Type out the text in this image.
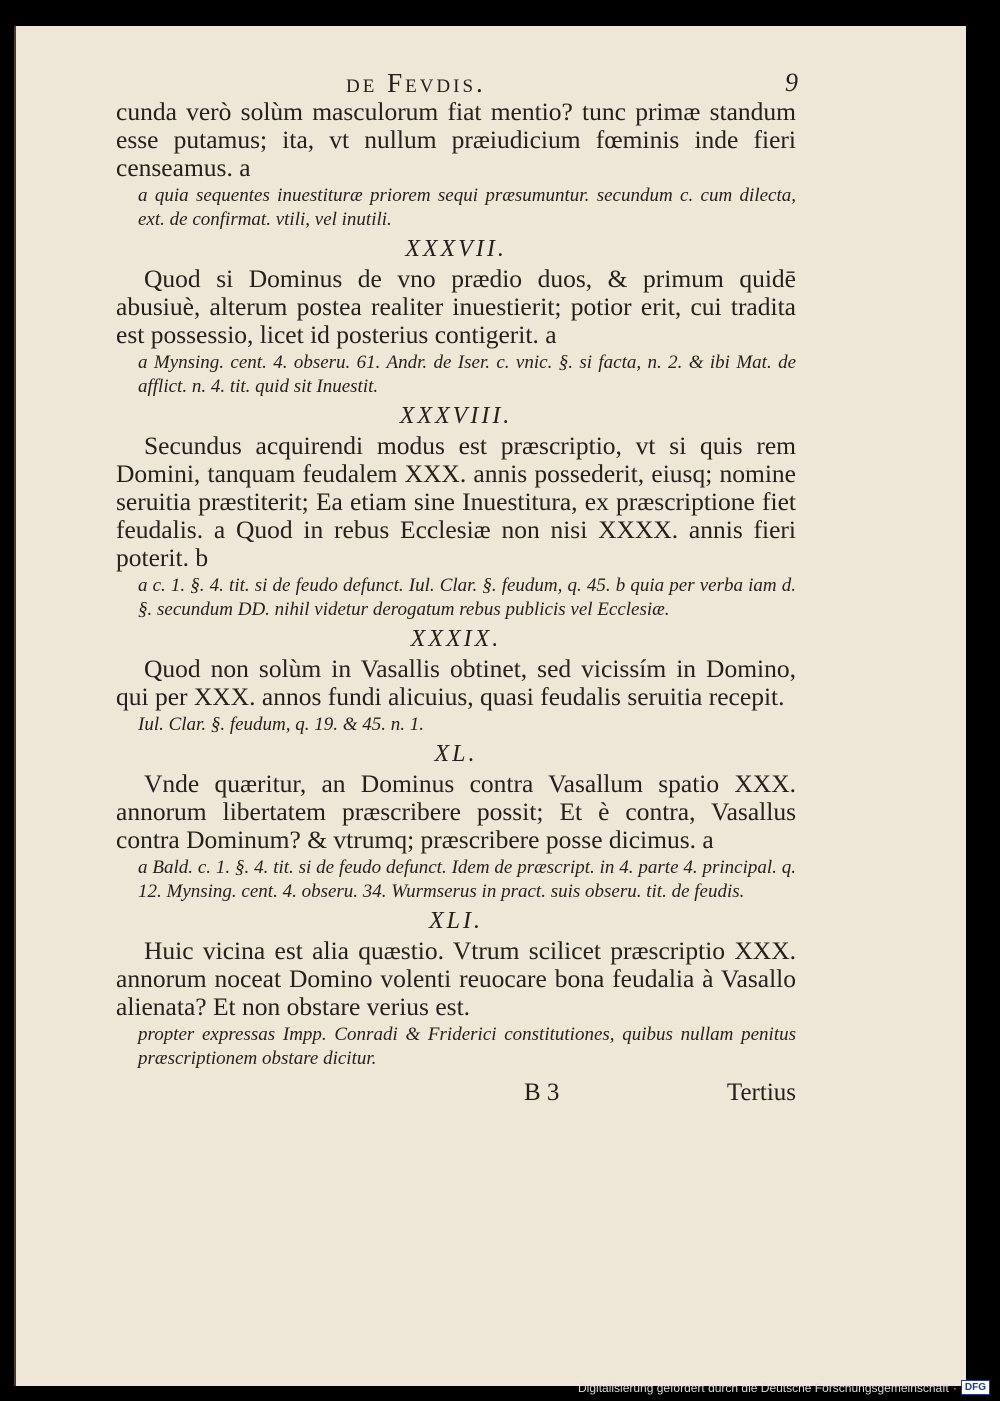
de Fevdis.	9

cunda verò solùm masculorum fiat mentio? tunc primæ standum esse putamus; ita, vt nullum præiudicium fœminis inde fieri censeamus. a

a quia sequentes inuestituræ priorem sequi præsumuntur. secundum c. cum dilecta, ext. de confirmat. vtili, vel inutili.

XXXVII.

Quod si Dominus de vno prædio duos, & primum quidē abusiuè, alterum postea realiter inuestierit; potior erit, cui tradita est possessio, licet id posterius contigerit. a

a Mynsing. cent. 4. obseru. 61. Andr. de Iser. c. vnic. §. si facta, n. 2. & ibi Mat. de afflict. n. 4. tit. quid sit Inuestit.

XXXVIII.

Secundus acquirendi modus est præscriptio, vt si quis rem Domini, tanquam feudalem XXX. annis possederit, eiusq; nomine seruitia præstiterit; Ea etiam sine Inuestitura, ex præscriptione fiet feudalis. a Quod in rebus Ecclesiæ non nisi XXXX. annis fieri poterit. b

a c. 1. §. 4. tit. si de feudo defunct. Iul. Clar. §. feudum, q. 45. b quia per verba iam d. §. secundum DD. nihil videtur derogatum rebus publicis vel Ecclesiæ.

XXXIX.

Quod non solùm in Vasallis obtinet, sed vicissím in Domino, qui per XXX. annos fundi alicuius, quasi feudalis seruitia recepit.

Iul. Clar. §. feudum, q. 19. & 45. n. 1.

XL.

Vnde quæritur, an Dominus contra Vasallum spatio XXX. annorum libertatem præscribere possit; Et è contra, Vasallus contra Dominum? & vtrumq; præscribere posse dicimus. a

a Bald. c. 1. §. 4. tit. si de feudo defunct. Idem de præscript. in 4. parte 4. principal. q. 12. Mynsing. cent. 4. obseru. 34. Wurmserus in pract. suis obseru. tit. de feudis.

XLI.

Huic vicina est alia quæstio. Vtrum scilicet præscriptio XXX. annorum noceat Domino volenti reuocare bona feudalia à Vasallo alienata? Et non obstare verius est.

propter expressas Impp. Conradi & Friderici constitutiones, quibus nullam penitus præscriptionem obstare dicitur.

B 3	Tertius
Digitalisierung gefördert durch die Deutsche Forschungsgemeinschaft · DFG
